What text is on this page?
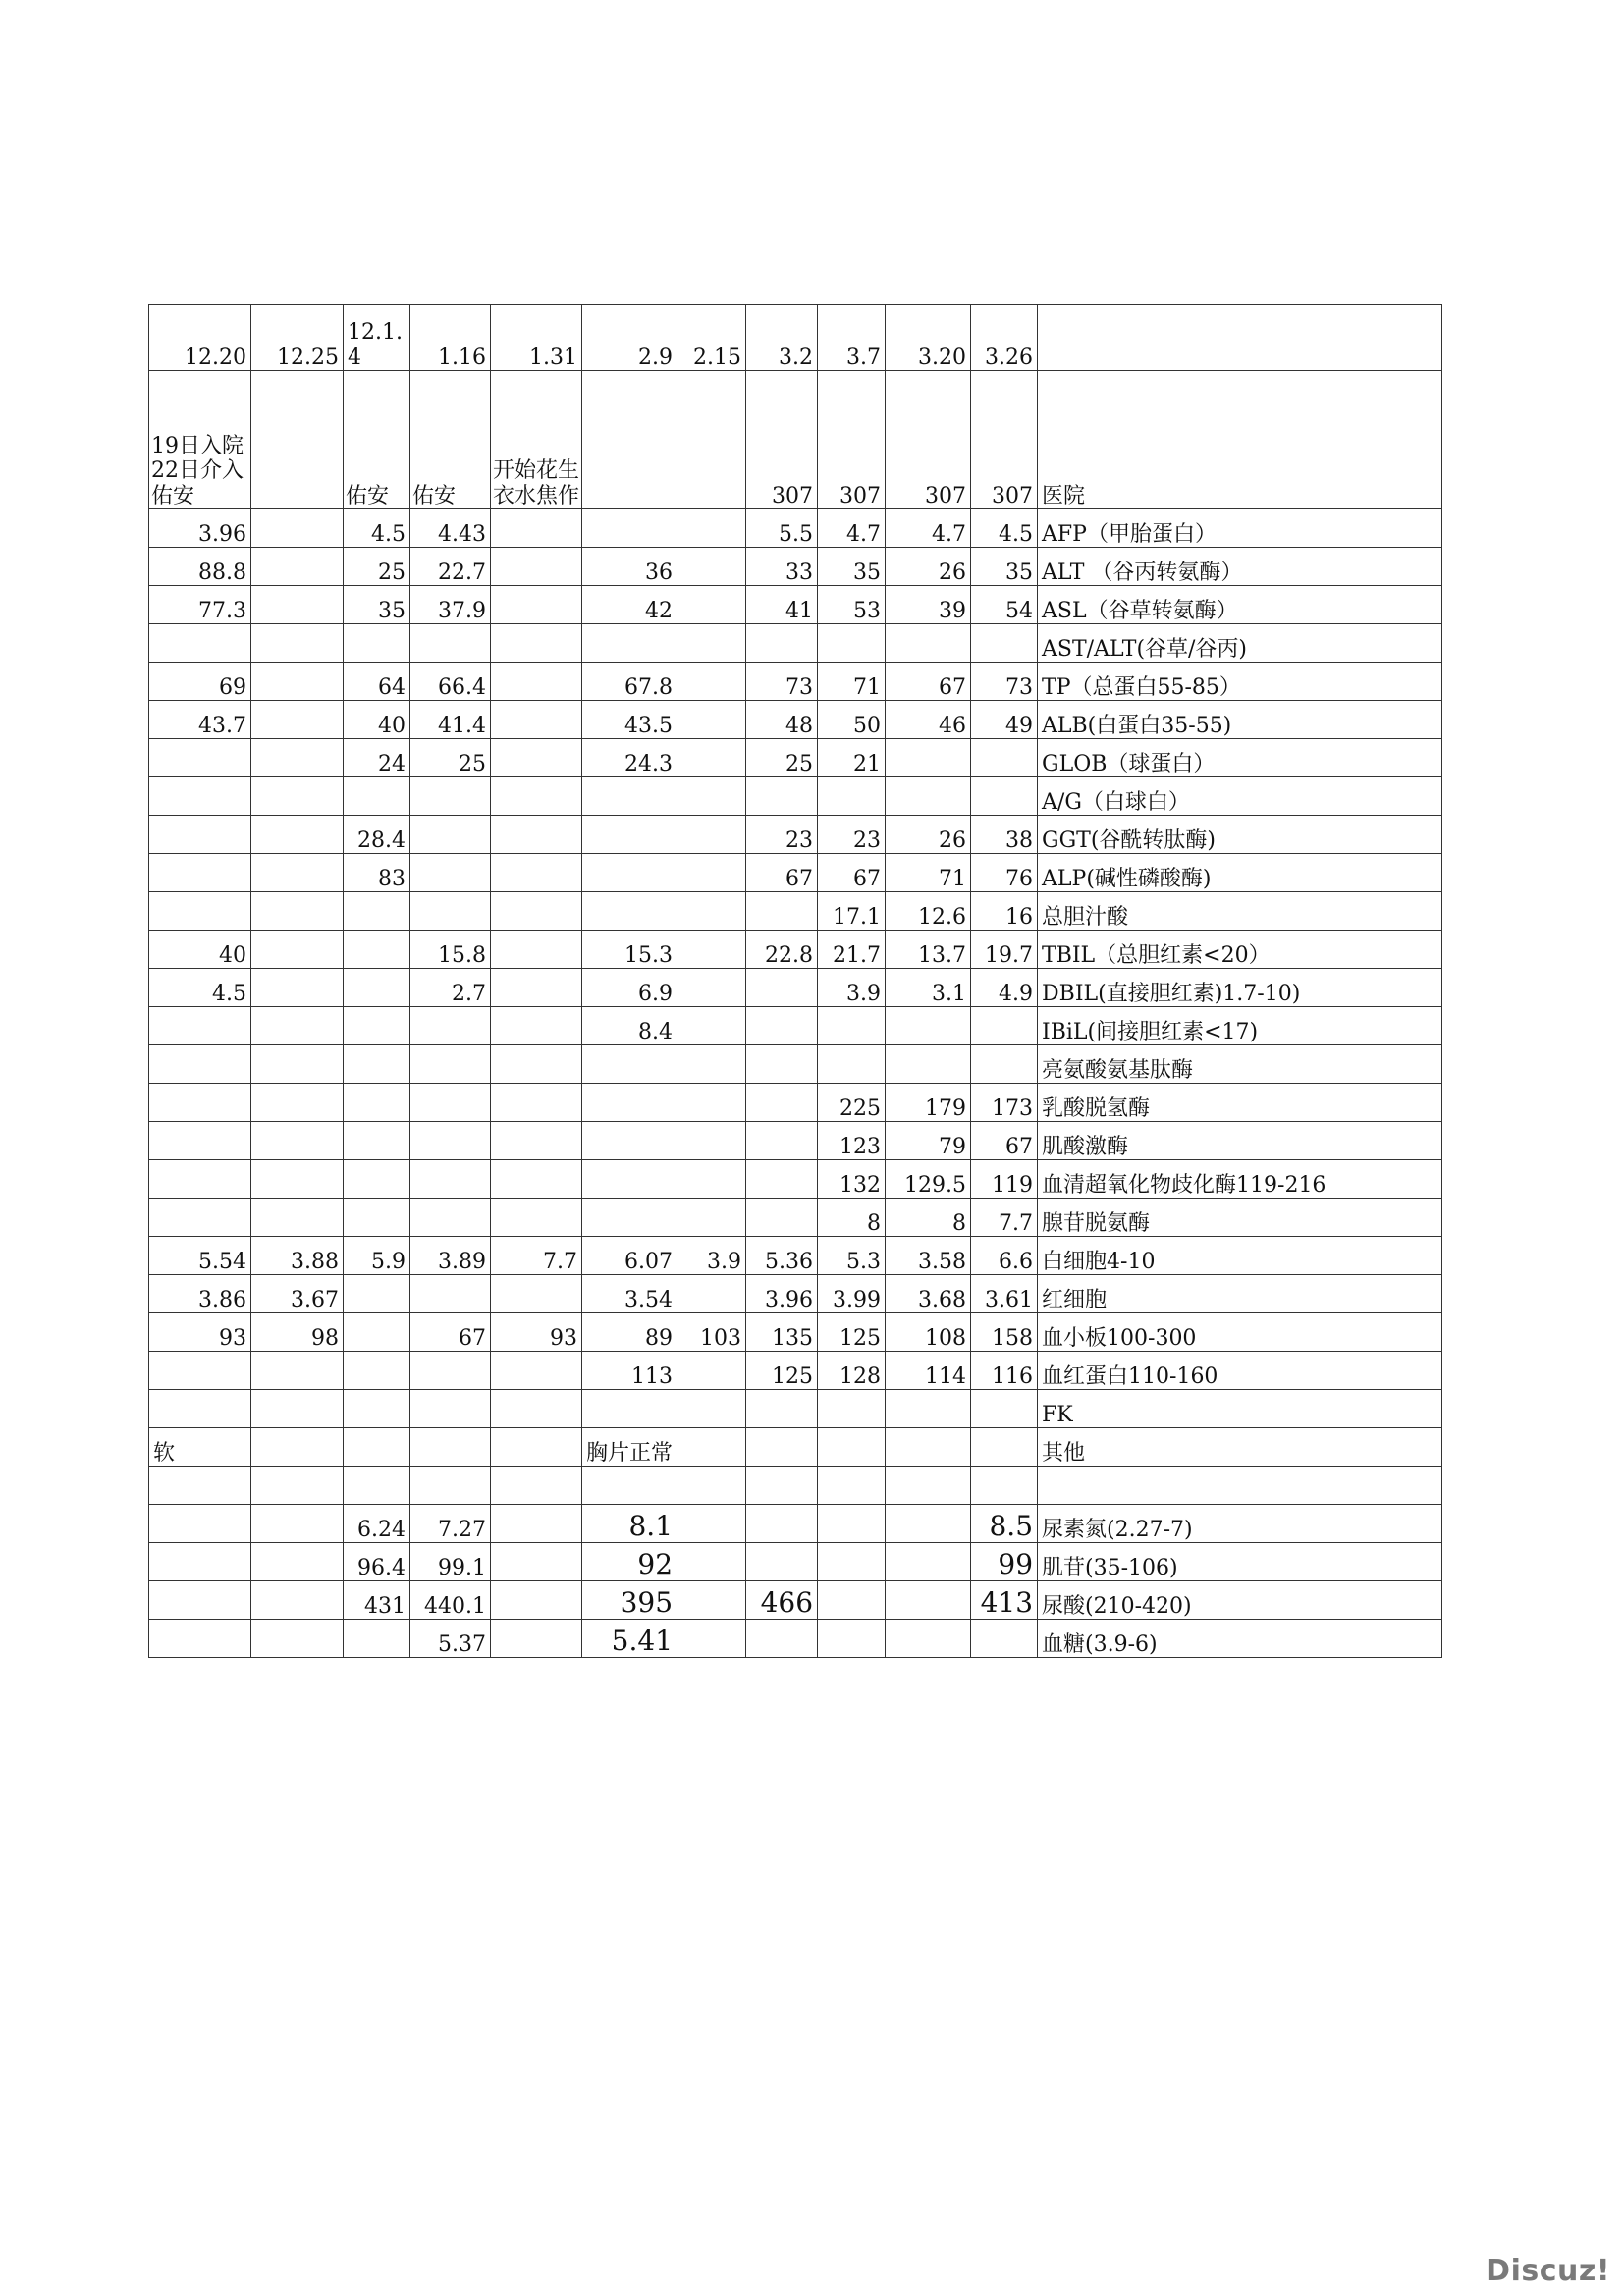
12.20	12.25	12.1.4	1.16	1.31	2.9	2.15	3.2	3.7	3.20	3.26	
19日入院22日介入佑安		佑安	佑安	开始花生衣水焦作			307	307	307	307	医院
3.96		4.5	4.43				5.5	4.7	4.7	4.5	AFP（甲胎蛋白）
88.8		25	22.7		36		33	35	26	35	ALT （谷丙转氨酶）
77.3		35	37.9		42		41	53	39	54	ASL（谷草转氨酶）
											AST/ALT(谷草/谷丙)
69		64	66.4		67.8		73	71	67	73	TP（总蛋白55-85）
43.7		40	41.4		43.5		48	50	46	49	ALB(白蛋白35-55)
		24	25		24.3		25	21			GLOB（球蛋白）
											A/G（白球白）
		28.4					23	23	26	38	GGT(谷酰转肽酶)
		83					67	67	71	76	ALP(碱性磷酸酶)
								17.1	12.6	16	总胆汁酸
40			15.8		15.3		22.8	21.7	13.7	19.7	TBIL（总胆红素<20）
4.5			2.7		6.9			3.9	3.1	4.9	DBIL(直接胆红素)1.7-10)
					8.4						IBiL(间接胆红素<17)
											亮氨酸氨基肽酶
								225	179	173	乳酸脱氢酶
								123	79	67	肌酸激酶
								132	129.5	119	血清超氧化物歧化酶119-216
								8	8	7.7	腺苷脱氨酶
5.54	3.88	5.9	3.89	7.7	6.07	3.9	5.36	5.3	3.58	6.6	白细胞4-10
3.86	3.67				3.54		3.96	3.99	3.68	3.61	红细胞
93	98		67	93	89	103	135	125	108	158	血小板100-300
					113		125	128	114	116	血红蛋白110-160
											FK
软					胸片正常						其他

		6.24	7.27		8.1					8.5	尿素氮(2.27-7)
		96.4	99.1		92					99	肌苷(35-106)
		431	440.1		395		466			413	尿酸(210-420)
			5.37		5.41						血糖(3.9-6)
Discuz!
